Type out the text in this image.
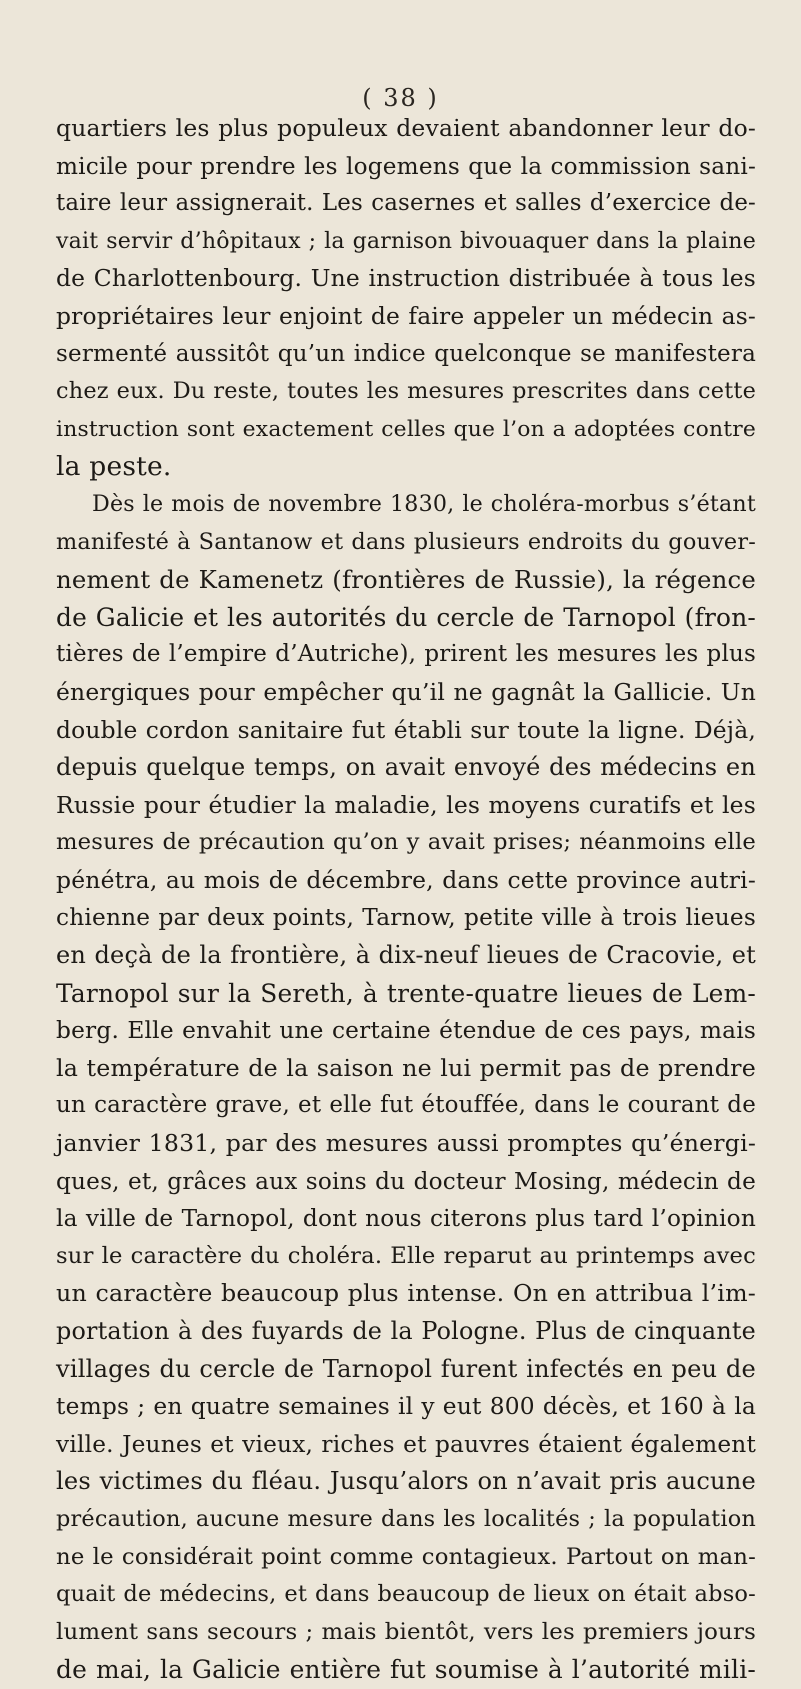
( 38 )
quartiers les plus populeux devaient abandonner leur do-
micile pour prendre les logemens que la commission sani-
taire leur assignerait. Les casernes et salles d’exercice de-
vait servir d’hôpitaux ; la garnison bivouaquer dans la plaine
de Charlottenbourg. Une instruction distribuée à tous les
propriétaires leur enjoint de faire appeler un médecin as-
sermenté aussitôt qu’un indice quelconque se manifestera
chez eux. Du reste, toutes les mesures prescrites dans cette
instruction sont exactement celles que l’on a adoptées contre
la peste.
Dès le mois de novembre 1830, le choléra-morbus s’étant
manifesté à Santanow et dans plusieurs endroits du gouver-
nement de Kamenetz (frontières de Russie), la régence
de Galicie et les autorités du cercle de Tarnopol (fron-
tières de l’empire d’Autriche), prirent les mesures les plus
énergiques pour empêcher qu’il ne gagnât la Gallicie. Un
double cordon sanitaire fut établi sur toute la ligne. Déjà,
depuis quelque temps, on avait envoyé des médecins en
Russie pour étudier la maladie, les moyens curatifs et les
mesures de précaution qu’on y avait prises; néanmoins elle
pénétra, au mois de décembre, dans cette province autri-
chienne par deux points, Tarnow, petite ville à trois lieues
en deçà de la frontière, à dix-neuf lieues de Cracovie, et
Tarnopol sur la Sereth, à trente-quatre lieues de Lem-
berg. Elle envahit une certaine étendue de ces pays, mais
la température de la saison ne lui permit pas de prendre
un caractère grave, et elle fut étouffée, dans le courant de
janvier 1831, par des mesures aussi promptes qu’énergi-
ques, et, grâces aux soins du docteur Mosing, médecin de
la ville de Tarnopol, dont nous citerons plus tard l’opinion
sur le caractère du choléra. Elle reparut au printemps avec
un caractère beaucoup plus intense. On en attribua l’im-
portation à des fuyards de la Pologne. Plus de cinquante
villages du cercle de Tarnopol furent infectés en peu de
temps ; en quatre semaines il y eut 800 décès, et 160 à la
ville. Jeunes et vieux, riches et pauvres étaient également
les victimes du fléau. Jusqu’alors on n’avait pris aucune
précaution, aucune mesure dans les localités ; la population
ne le considérait point comme contagieux. Partout on man-
quait de médecins, et dans beaucoup de lieux on était abso-
lument sans secours ; mais bientôt, vers les premiers jours
de mai, la Galicie entière fut soumise à l’autorité mili-
